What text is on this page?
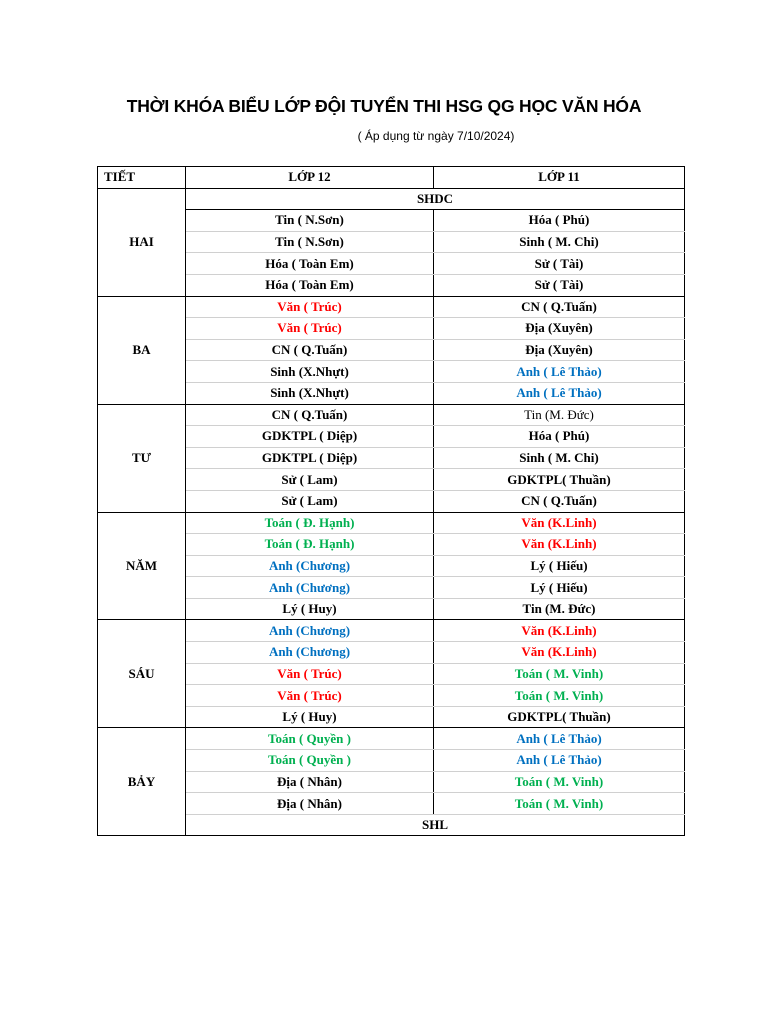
THỜI KHÓA BIỂU LỚP ĐỘI TUYỂN THI HSG QG HỌC VĂN HÓA
( Áp dụng từ ngày 7/10/2024)
TIẾT	LỚP 12	LỚP 11
HAI	SHDC	
	Tin ( N.Sơn)	Hóa ( Phú)
	Tin ( N.Sơn)	Sinh ( M. Chi)
	Hóa ( Toàn Em)	Sử ( Tài)
	Hóa ( Toàn Em)	Sử ( Tài)
BA	Văn ( Trúc)	CN ( Q.Tuấn)
	Văn ( Trúc)	Địa (Xuyên)
	CN ( Q.Tuấn)	Địa (Xuyên)
	Sinh (X.Nhựt)	Anh ( Lê Thảo)
	Sinh (X.Nhựt)	Anh ( Lê Thảo)
TƯ	CN ( Q.Tuấn)	Tin (M. Đức)
	GDKTPL ( Diệp)	Hóa ( Phú)
	GDKTPL ( Diệp)	Sinh ( M. Chi)
	Sử ( Lam)	GDKTPL( Thuần)
	Sử ( Lam)	CN ( Q.Tuấn)
NĂM	Toán ( Đ. Hạnh)	Văn (K.Linh)
	Toán ( Đ. Hạnh)	Văn (K.Linh)
	Anh (Chương)	Lý ( Hiếu)
	Anh (Chương)	Lý ( Hiếu)
	Lý ( Huy)	Tin (M. Đức)
SÁU	Anh (Chương)	Văn (K.Linh)
	Anh (Chương)	Văn (K.Linh)
	Văn ( Trúc)	Toán ( M. Vinh)
	Văn ( Trúc)	Toán ( M. Vinh)
	Lý ( Huy)	GDKTPL( Thuần)
BẢY	Toán ( Quyền )	Anh ( Lê Thảo)
	Toán ( Quyền )	Anh ( Lê Thảo)
	Địa ( Nhân)	Toán ( M. Vinh)
	Địa ( Nhân)	Toán ( M. Vinh)
	SHL	
